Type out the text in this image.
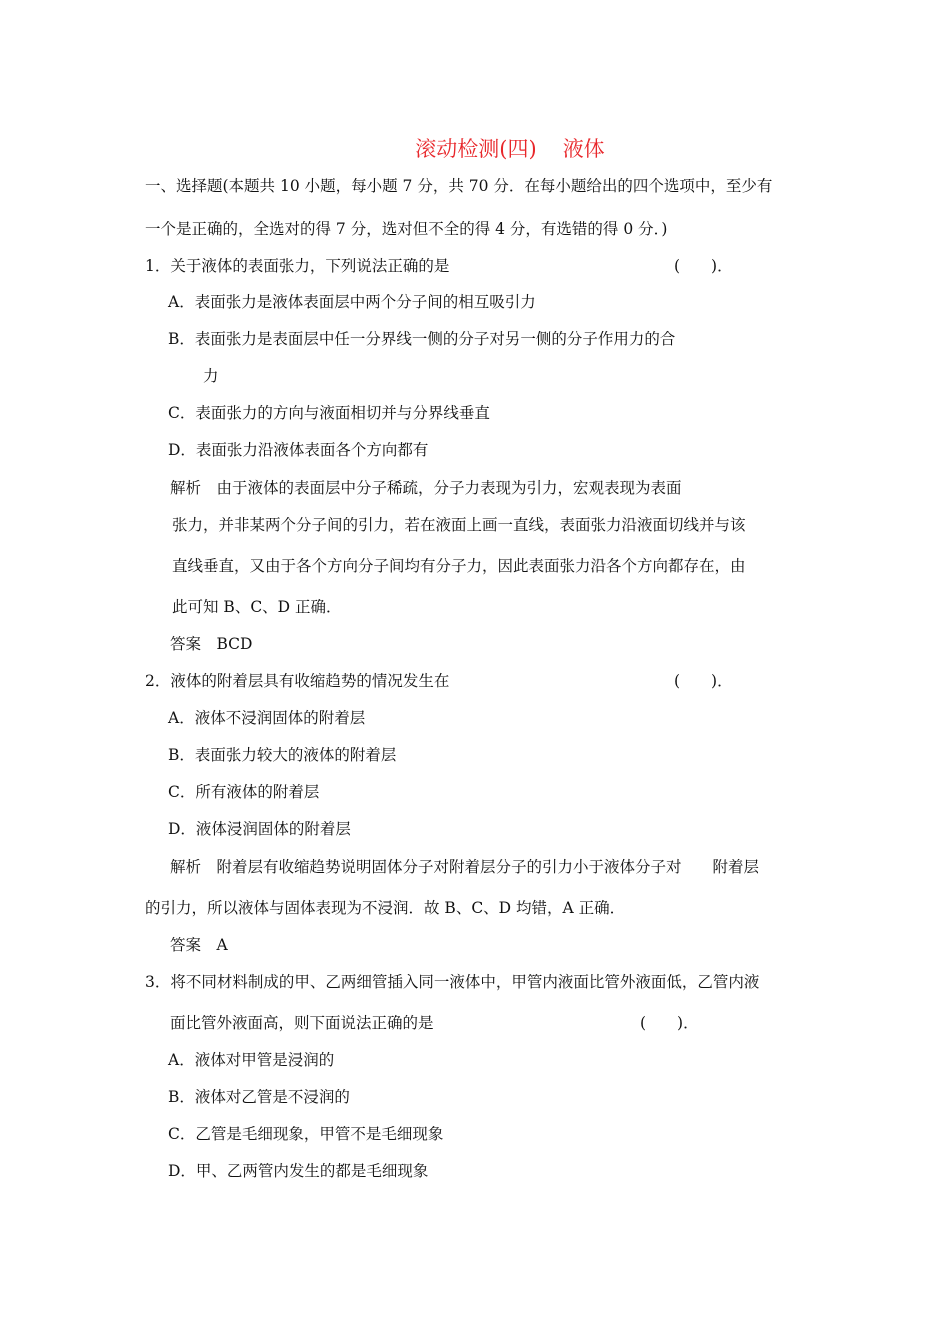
滚动检测(四) 液体
一、选择题(本题共 10 小题，每小题 7 分，共 70 分．在每小题给出的四个选项中，至少有
一个是正确的，全选对的得 7 分，选对但不全的得 4 分，有选错的得 0 分．)
1．关于液体的表面张力，下列说法正确的是	(　　)．
A．表面张力是液体表面层中两个分子间的相互吸引力
B．表面张力是表面层中任一分界线一侧的分子对另一侧的分子作用力的合
力
C．表面张力的方向与液面相切并与分界线垂直
D．表面张力沿液体表面各个方向都有
解析　由于液体的表面层中分子稀疏，分子力表现为引力，宏观表现为表面
张力，并非某两个分子间的引力，若在液面上画一直线，表面张力沿液面切线并与该
直线垂直，又由于各个方向分子间均有分子力，因此表面张力沿各个方向都存在，由
此可知 B、C、D 正确．
答案　BCD
2．液体的附着层具有收缩趋势的情况发生在	(　　)．
A．液体不浸润固体的附着层
B．表面张力较大的液体的附着层
C．所有液体的附着层
D．液体浸润固体的附着层
解析　附着层有收缩趋势说明固体分子对附着层分子的引力小于液体分子对　　附着层
的引力，所以液体与固体表现为不浸润．故 B、C、D 均错，A 正确．
答案　A
3．将不同材料制成的甲、乙两细管插入同一液体中，甲管内液面比管外液面低，乙管内液
面比管外液面高，则下面说法正确的是	(　　)．
A．液体对甲管是浸润的
B．液体对乙管是不浸润的
C．乙管是毛细现象，甲管不是毛细现象
D．甲、乙两管内发生的都是毛细现象
